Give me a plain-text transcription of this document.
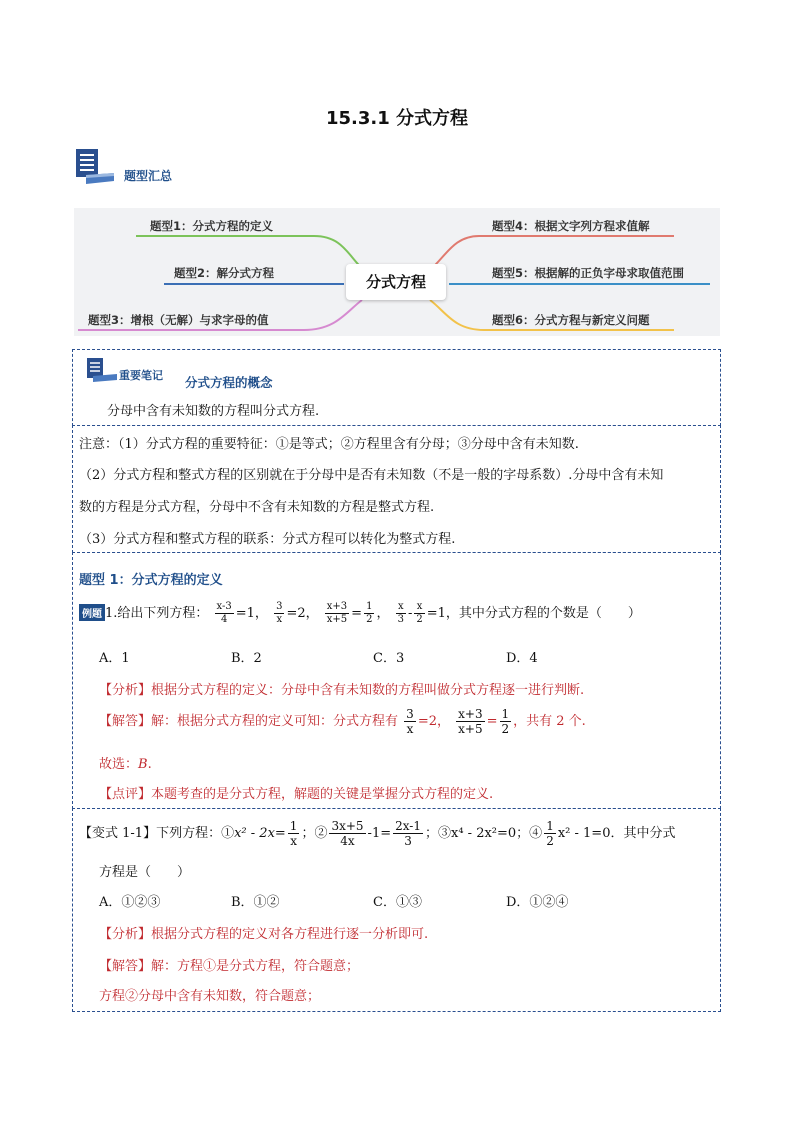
15.3.1 分式方程
题型汇总
题型1：分式方程的定义
题型2：解分式方程
题型3：增根（无解）与求字母的值
题型4：根据文字列方程求值解
题型5：根据解的正负字母求取值范围
题型6：分式方程与新定义问题
分式方程
重要笔记 分式方程的概念
分母中含有未知数的方程叫分式方程.
注意：（1）分式方程的重要特征：①是等式；②方程里含有分母；③分母中含有未知数.
（2）分式方程和整式方程的区别就在于分母中是否有未知数（不是一般的字母系数）.分母中含有未知
数的方程是分式方程，分母中不含有未知数的方程是整式方程.
（3）分式方程和整式方程的联系：分式方程可以转化为整式方程.
题型 1：分式方程的定义
例题 1.给出下列方程： $\frac{x-3}{4} =1$， $\frac{3}{x} =2$， $\frac{x+3}{x+5} = \frac{1}{2}$ ， $\frac{x}{3} - \frac{x}{2} =1$，其中分式方程的个数是（　　）
A．1	B．2	C．3	D．4
【分析】根据分式方程的定义：分母中含有未知数的方程叫做分式方程逐一进行判断.
【解答】解：根据分式方程的定义可知：分式方程有 $\frac{3}{x} =2$， $\frac{x+3}{x+5} = \frac{1}{2}$ ，共有 2 个.
故选：B.
【点评】本题考查的是分式方程，解题的关键是掌握分式方程的定义.
【变式 1-1】下列方程：①x² - $2x= \frac{1}{x}$ ；② $\frac{3x+5}{4x} -1= \frac{2x-1}{3}$ ；③x⁴ - 2x²=0；④ $\frac{1}{2} x^2 - 1=0$．其中分式
方程是（　　）
A．①②③	B．①②	C．①③	D．①②④
【分析】根据分式方程的定义对各方程进行逐一分析即可.
【解答】解：方程①是分式方程，符合题意；
方程②分母中含有未知数，符合题意；
